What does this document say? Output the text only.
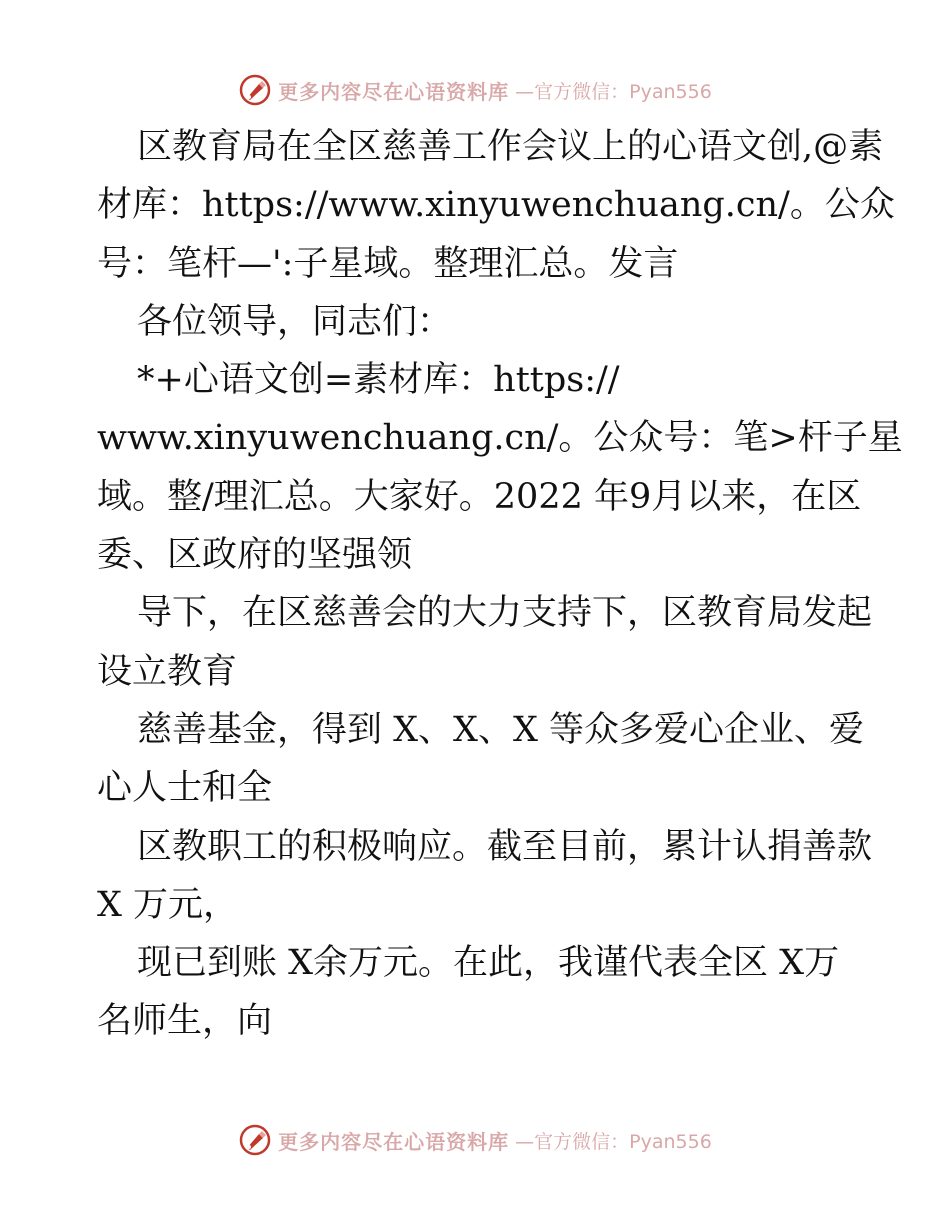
更多内容尽在心语资料库 —官方微信：Pyan556
区教育局在全区慈善工作会议上的心语文创,@素
材库：https://www.xinyuwenchuang.cn/。公众
号：笔杆—':子星域。整理汇总。发言
各位领导，同志们：
*+心语文创=素材库：https://
www.xinyuwenchuang.cn/。公众号：笔>杆子星
域。整/理汇总。大家好。2022 年9月以来，在区
委、区政府的坚强领
导下，在区慈善会的大力支持下，区教育局发起
设立教育
慈善基金，得到 X、X、X 等众多爱心企业、爱
心人士和全
区教职工的积极响应。截至目前，累计认捐善款
X 万元，
现已到账 X余万元。在此，我谨代表全区 X万
名师生，向
更多内容尽在心语资料库 —官方微信：Pyan556
